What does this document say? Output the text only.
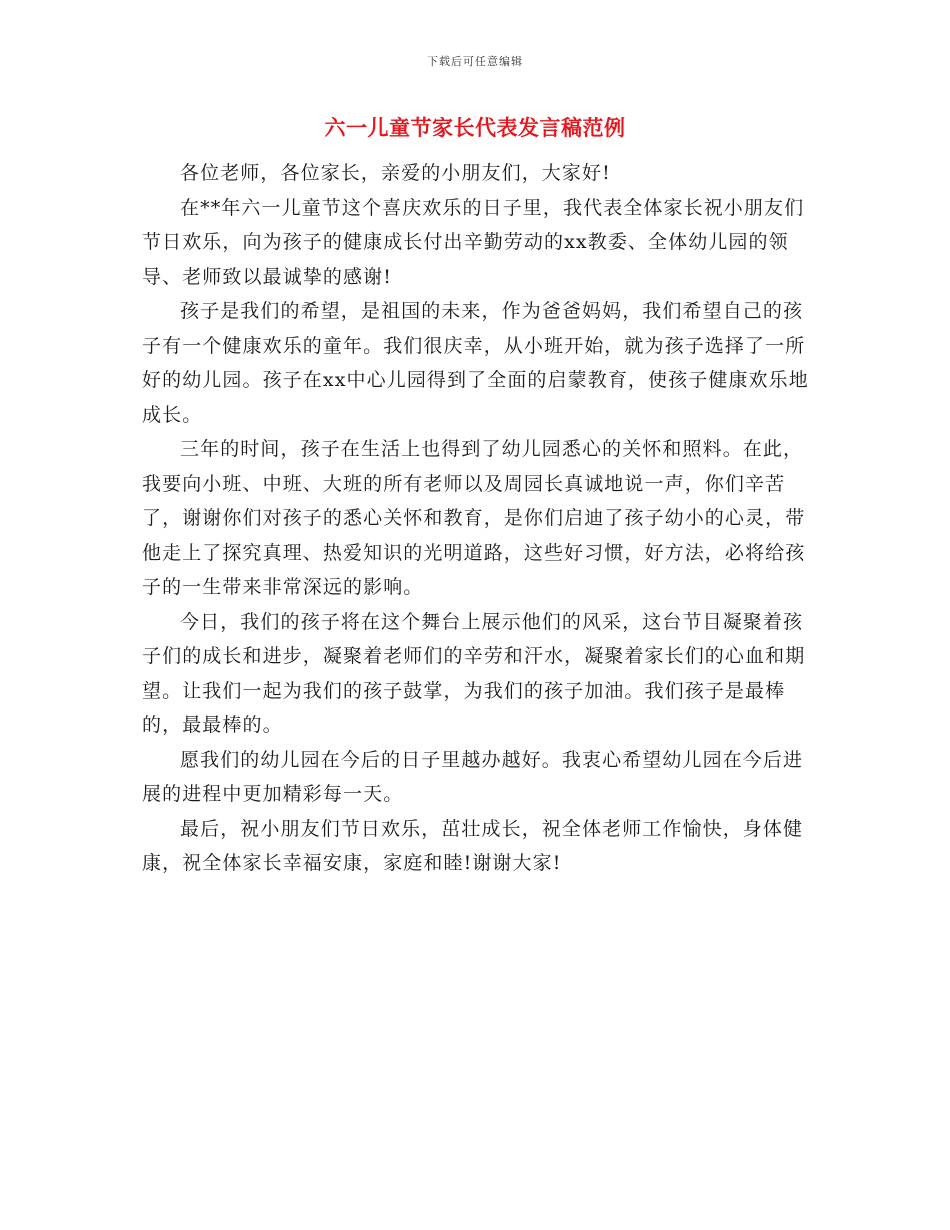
下载后可任意编辑
六一儿童节家长代表发言稿范例

各位老师，各位家长，亲爱的小朋友们，大家好!

在**年六一儿童节这个喜庆欢乐的日子里，我代表全体家长祝小朋友们节日欢乐，向为孩子的健康成长付出辛勤劳动的xx教委、全体幼儿园的领导、老师致以最诚挚的感谢!

孩子是我们的希望，是祖国的未来，作为爸爸妈妈，我们希望自己的孩子有一个健康欢乐的童年。我们很庆幸，从小班开始，就为孩子选择了一所好的幼儿园。孩子在xx中心儿园得到了全面的启蒙教育，使孩子健康欢乐地成长。

三年的时间，孩子在生活上也得到了幼儿园悉心的关怀和照料。在此，我要向小班、中班、大班的所有老师以及周园长真诚地说一声，你们辛苦了，谢谢你们对孩子的悉心关怀和教育，是你们启迪了孩子幼小的心灵，带他走上了探究真理、热爱知识的光明道路，这些好习惯，好方法，必将给孩子的一生带来非常深远的影响。

今日，我们的孩子将在这个舞台上展示他们的风采，这台节目凝聚着孩子们的成长和进步，凝聚着老师们的辛劳和汗水，凝聚着家长们的心血和期望。让我们一起为我们的孩子鼓掌，为我们的孩子加油。我们孩子是最棒的，最最棒的。

愿我们的幼儿园在今后的日子里越办越好。我衷心希望幼儿园在今后进展的进程中更加精彩每一天。

最后，祝小朋友们节日欢乐，茁壮成长，祝全体老师工作愉快，身体健康，祝全体家长幸福安康，家庭和睦!谢谢大家!
